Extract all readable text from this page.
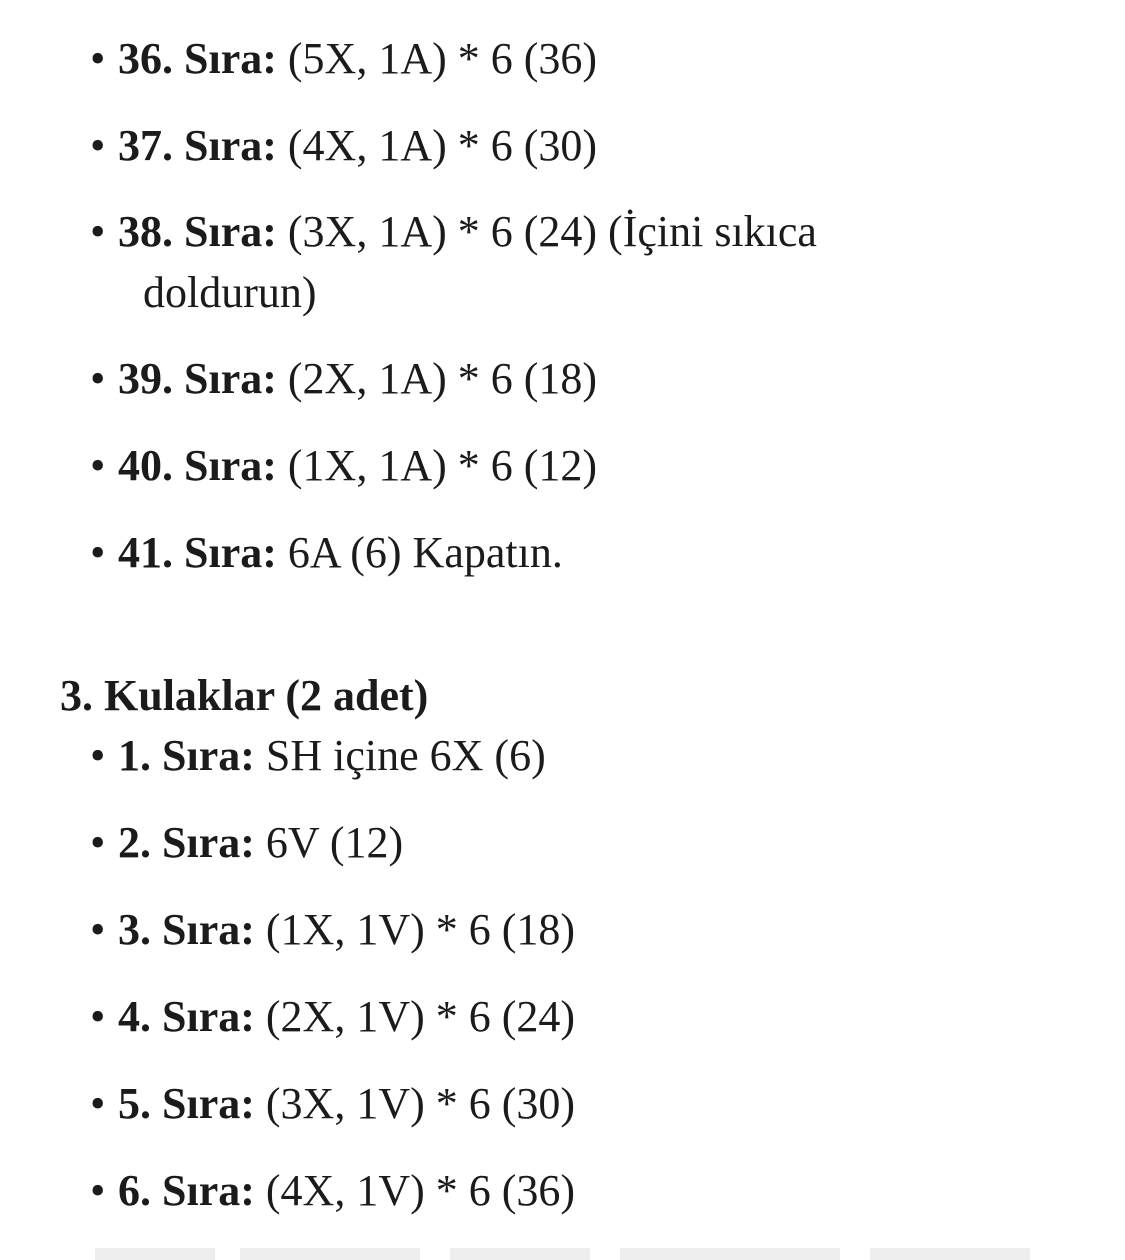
• 36. Sıra: (5X, 1A) * 6 (36)
• 37. Sıra: (4X, 1A) * 6 (30)
• 38. Sıra: (3X, 1A) * 6 (24) (İçini sıkıca
doldurun)
• 39. Sıra: (2X, 1A) * 6 (18)
• 40. Sıra: (1X, 1A) * 6 (12)
• 41. Sıra: 6A (6) Kapatın.
3. Kulaklar (2 adet)
• 1. Sıra: SH içine 6X (6)
• 2. Sıra: 6V (12)
• 3. Sıra: (1X, 1V) * 6 (18)
• 4. Sıra: (2X, 1V) * 6 (24)
• 5. Sıra: (3X, 1V) * 6 (30)
• 6. Sıra: (4X, 1V) * 6 (36)
